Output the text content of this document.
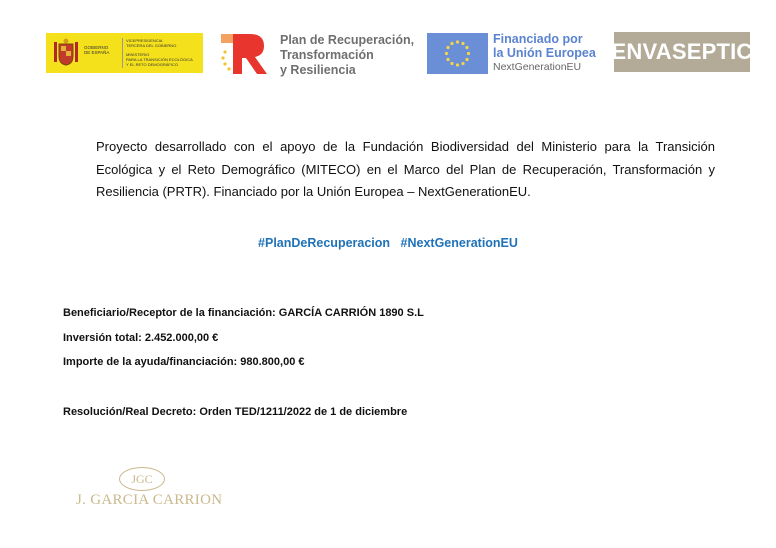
GOBIERNO
DE ESPAÑA
VICEPRESIDENCIA
TERCERA DEL GOBIERNO

MINISTERIO
PARA LA TRANSICIÓN ECOLÓGICA
Y EL RETO DEMOGRÁFICO
Plan de Recuperación,
Transformación
y Resiliencia
Financiado por
la Unión Europea
NextGenerationEU
ENVASEPTIC
Proyecto desarrollado con el apoyo de la Fundación Biodiversidad del Ministerio para la Transición Ecológica y el Reto Demográfico (MITECO) en el Marco del Plan de Recuperación, Transformación y Resiliencia (PRTR). Financiado por la Unión Europea – NextGenerationEU.
#PlanDeRecuperacion #NextGenerationEU
Beneficiario/Receptor de la financiación: GARCÍA CARRIÓN 1890 S.L
Inversión total: 2.452.000,00 €
Importe de la ayuda/financiación: 980.800,00 €
Resolución/Real Decreto: Orden TED/1211/2022 de 1 de diciembre
JGC
J. GARCIA CARRION
